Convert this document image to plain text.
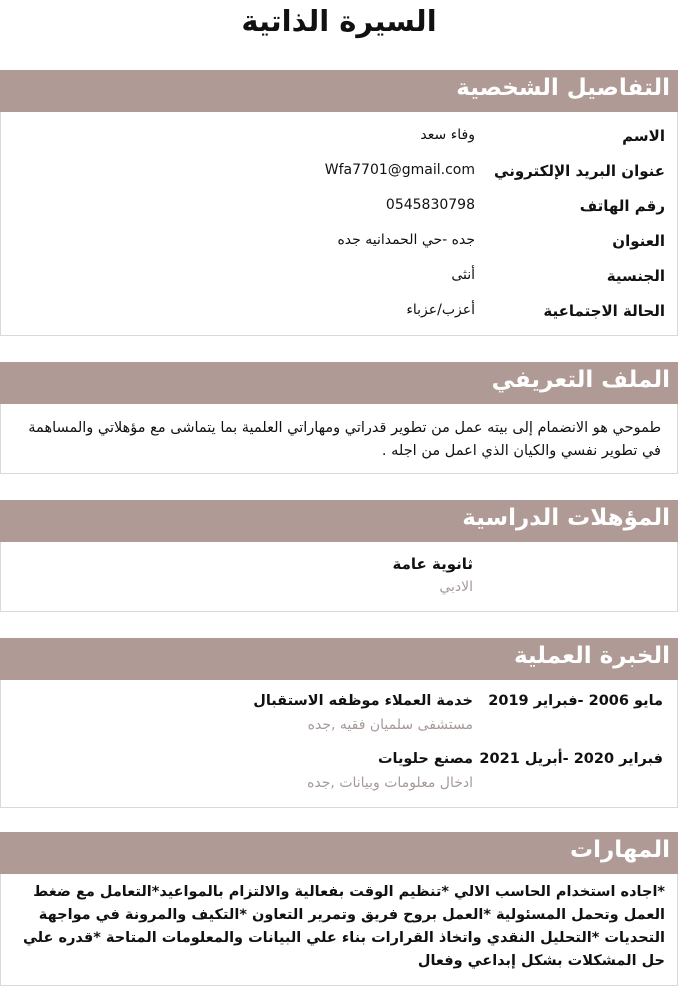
السيرة الذاتية
التفاصيل الشخصية
الاسم
وفاء سعد
عنوان البريد الإلكتروني
Wfa7701@gmail.com
رقم الهاتف
0545830798
العنوان
جده -حي الحمدانيه جده
الجنسية
أنثى
الحالة الاجتماعية
أعزب/عزباء
الملف التعريفي
طموحي هو الانضمام إلى بيته عمل من تطوير قدراتي ومهاراتي العلمية بما يتماشى مع مؤهلاتي والمساهمة في تطوير نفسي والكيان الذي اعمل من اجله .
المؤهلات الدراسية
ثانوية عامة
الادبي
الخبرة العملية
مايو 2006 -فبراير 2019
خدمة العملاء موظفه الاستقبال
مستشفى سلميان فقيه ,جده
فبراير 2020 -أبريل 2021
مصنع حلويات
ادخال معلومات وبيانات ,جده
المهارات
*اجاده استخدام الحاسب الالي *تنظيم الوقت بفعالية والالتزام بالمواعيد*التعامل مع ضغط العمل وتحمل المسئولية *العمل بروح فريق وتمرير التعاون *التكيف والمرونة في مواجهة التحديات *التحليل النقدي واتخاذ القرارات بناء علي البيانات والمعلومات المتاحة *قدره علي حل المشكلات بشكل إبداعي وفعال
